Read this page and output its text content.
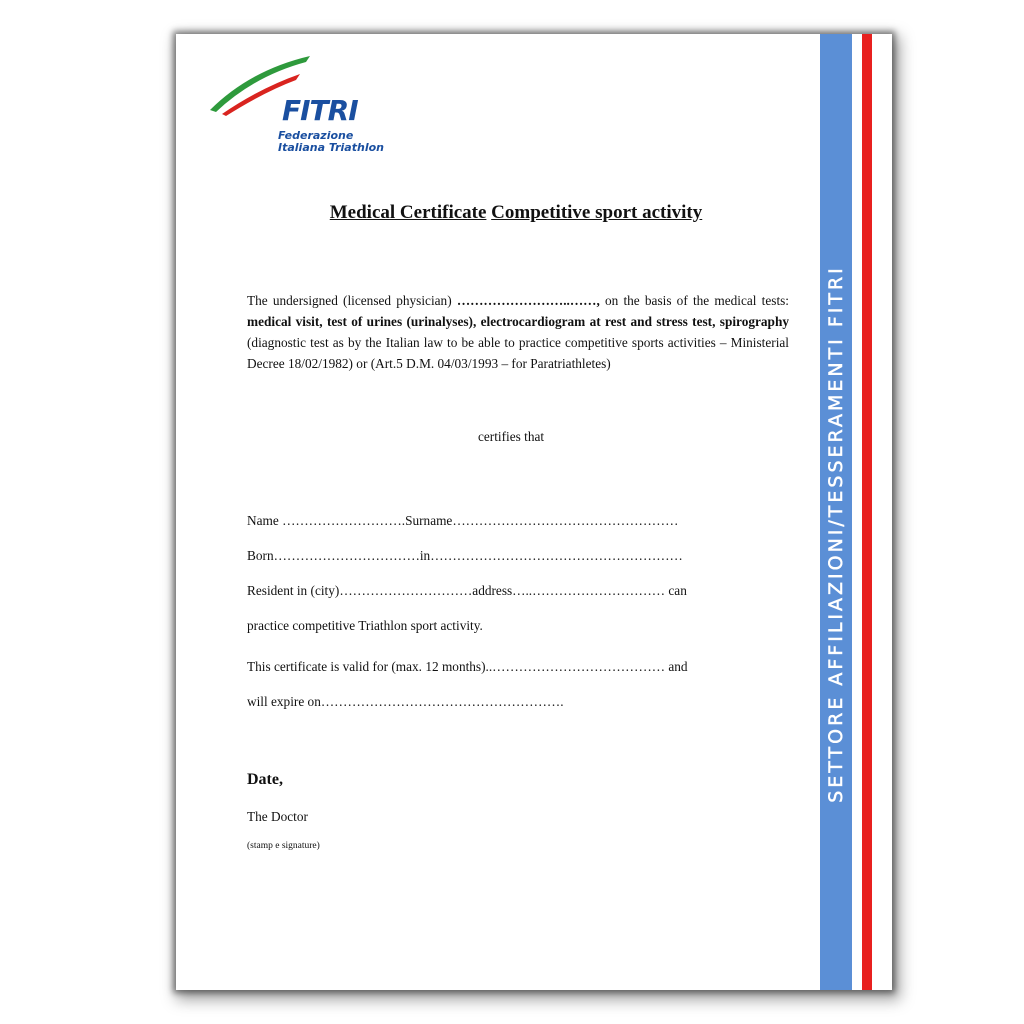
FITRI
Federazione
Italiana Triathlon
Medical Certificate Competitive sport activity
The undersigned (licensed physician) ……………………..……, on the basis of the medical tests: medical visit, test of urines (urinalyses), electrocardiogram at rest and stress test, spirography (diagnostic test as by the Italian law to be able to practice competitive sports activities – Ministerial Decree 18/02/1982) or (Art.5 D.M. 04/03/1993 – for Paratriathletes)
certifies that
Name ……………………….Surname……………………………………………
Born……………………………in…………………………………………………
Resident in (city)…………………………address…..………………………… can
practice competitive Triathlon sport activity.
This certificate is valid for (max. 12 months)..………………………………… and
will expire on……………………………………………….
Date,
The Doctor
(stamp e signature)
SETTORE AFFILIAZIONI/TESSERAMENTI FITRI
